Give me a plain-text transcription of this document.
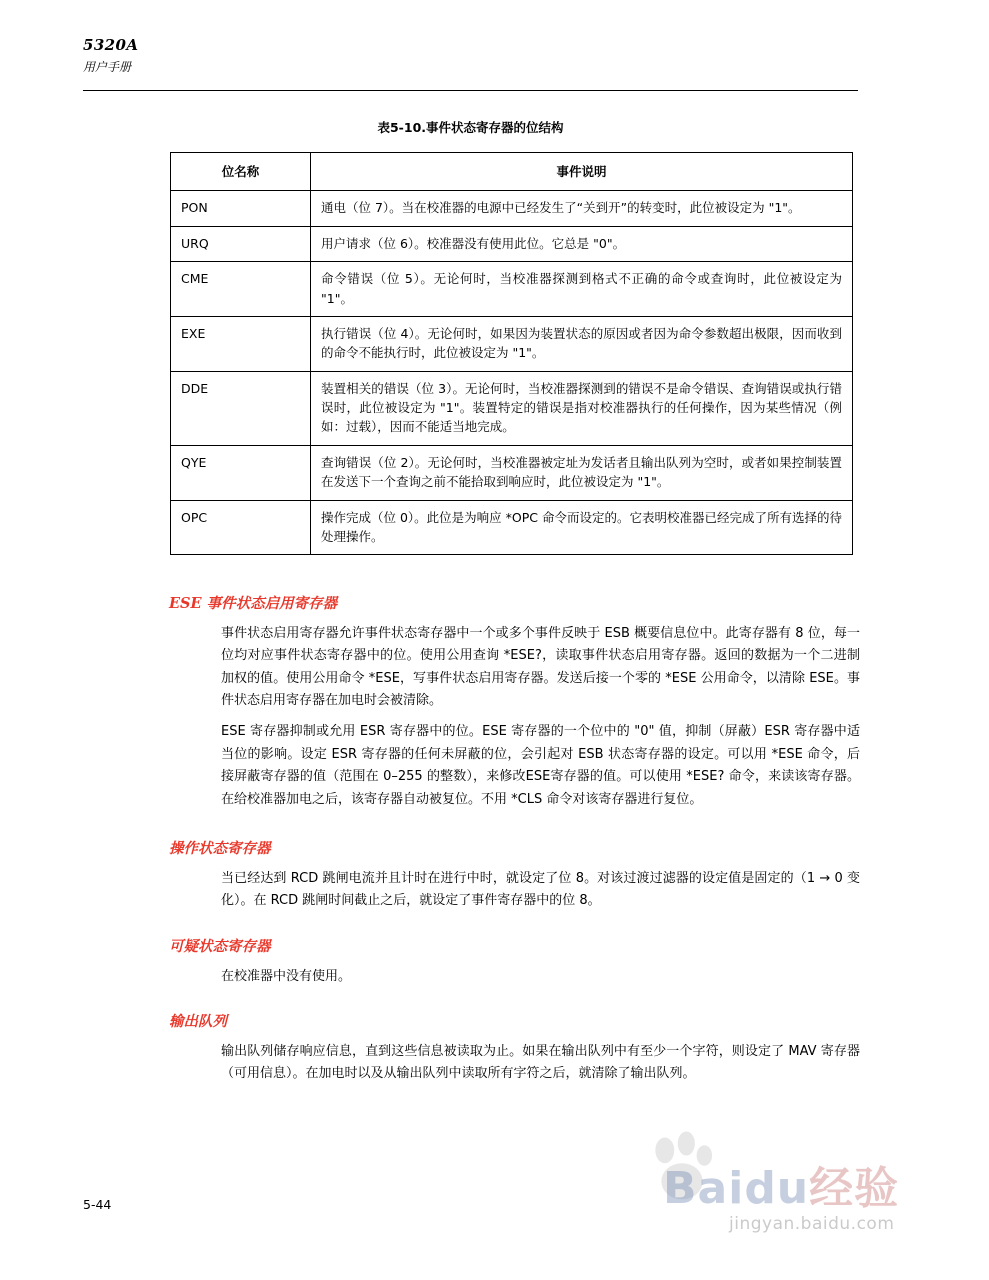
5320A
用户手册
表5-10.事件状态寄存器的位结构
位名称	事件说明
PON	通电（位 7）。当在校准器的电源中已经发生了“关到开”的转变时，此位被设定为 "1"。
URQ	用户请求（位 6）。校准器没有使用此位。它总是 "0"。
CME	命令错误（位 5）。无论何时，当校准器探测到格式不正确的命令或查询时，此位被设定为 "1"。
EXE	执行错误（位 4）。无论何时，如果因为装置状态的原因或者因为命令参数超出极限，因而收到的命令不能执行时，此位被设定为 "1"。
DDE	装置相关的错误（位 3）。无论何时，当校准器探测到的错误不是命令错误、查询错误或执行错误时，此位被设定为 "1"。装置特定的错误是指对校准器执行的任何操作，因为某些情况（例如：过载），因而不能适当地完成。
QYE	查询错误（位 2）。无论何时，当校准器被定址为发话者且输出队列为空时，或者如果控制装置在发送下一个查询之前不能拾取到响应时，此位被设定为 "1"。
OPC	操作完成（位 0）。此位是为响应 *OPC 命令而设定的。它表明校准器已经完成了所有选择的待处理操作。
ESE 事件状态启用寄存器
事件状态启用寄存器允许事件状态寄存器中一个或多个事件反映于 ESB 概要信息位中。此寄存器有 8 位，每一位均对应事件状态寄存器中的位。使用公用查询 *ESE?，读取事件状态启用寄存器。返回的数据为一个二进制加权的值。使用公用命令 *ESE，写事件状态启用寄存器。发送后接一个零的 *ESE 公用命令，以清除 ESE。事件状态启用寄存器在加电时会被清除。
ESE 寄存器抑制或允用 ESR 寄存器中的位。ESE 寄存器的一个位中的 "0" 值，抑制（屏蔽）ESR 寄存器中适当位的影响。设定 ESR 寄存器的任何未屏蔽的位，会引起对 ESB 状态寄存器的设定。可以用 *ESE 命令，后接屏蔽寄存器的值（范围在 0–255 的整数），来修改ESE寄存器的值。可以使用 *ESE? 命令，来读该寄存器。在给校准器加电之后，该寄存器自动被复位。不用 *CLS 命令对该寄存器进行复位。
操作状态寄存器
当已经达到 RCD 跳闸电流并且计时在进行中时，就设定了位 8。对该过渡过滤器的设定值是固定的（1 → 0 变化）。在 RCD 跳闸时间截止之后，就设定了事件寄存器中的位 8。
可疑状态寄存器
在校准器中没有使用。
输出队列
输出队列储存响应信息，直到这些信息被读取为止。如果在输出队列中有至少一个字符，则设定了 MAV 寄存器（可用信息）。在加电时以及从输出队列中读取所有字符之后，就清除了输出队列。
5-44	Baidu经验
jingyan.baidu.com
